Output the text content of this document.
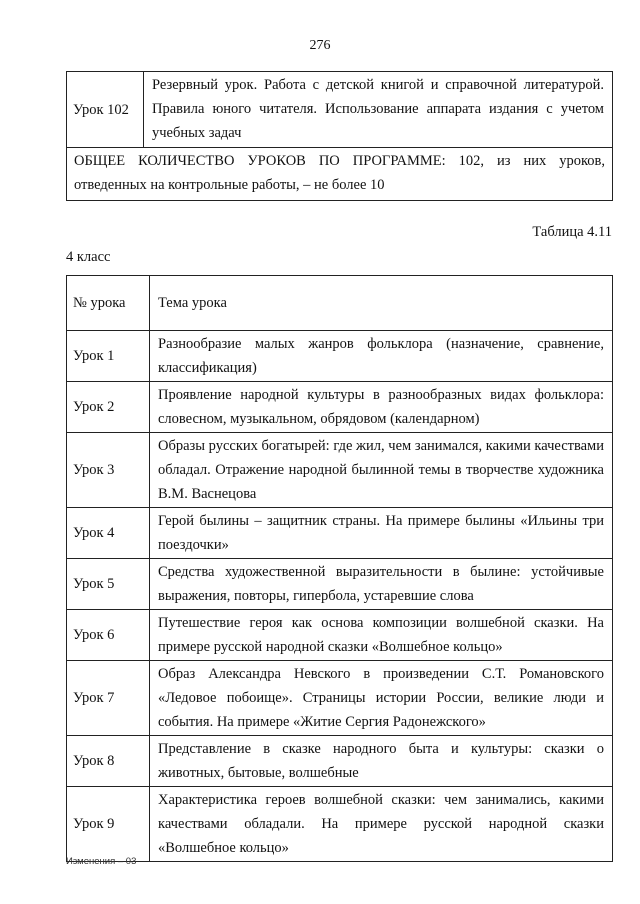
276
Урок 102	Резервный урок. Работа с детской книгой и справочной литературой. Правила юного читателя. Использование аппарата издания с учетом учебных задач
ОБЩЕЕ КОЛИЧЕСТВО УРОКОВ ПО ПРОГРАММЕ: 102, из них уроков, отведенных на контрольные работы, – не более 10
Таблица 4.11
4 класс
№ урока	Тема урока
Урок 1	Разнообразие малых жанров фольклора (назначение, сравнение, классификация)
Урок 2	Проявление народной культуры в разнообразных видах фольклора: словесном, музыкальном, обрядовом (календарном)
Урок 3	Образы русских богатырей: где жил, чем занимался, какими качествами обладал. Отражение народной былинной темы в творчестве художника В.М. Васнецова
Урок 4	Герой былины – защитник страны. На примере былины «Ильины три поездочки»
Урок 5	Средства художественной выразительности в былине: устойчивые выражения, повторы, гипербола, устаревшие слова
Урок 6	Путешествие героя как основа композиции волшебной сказки. На примере русской народной сказки «Волшебное кольцо»
Урок 7	Образ Александра Невского в произведении С.Т. Романовского «Ледовое побоище». Страницы истории России, великие люди и события. На примере «Житие Сергия Радонежского»
Урок 8	Представление в сказке народного быта и культуры: сказки о животных, бытовые, волшебные
Урок 9	Характеристика героев волшебной сказки: чем занимались, какими качествами обладали. На примере русской народной сказки «Волшебное кольцо»
Изменения – 03
